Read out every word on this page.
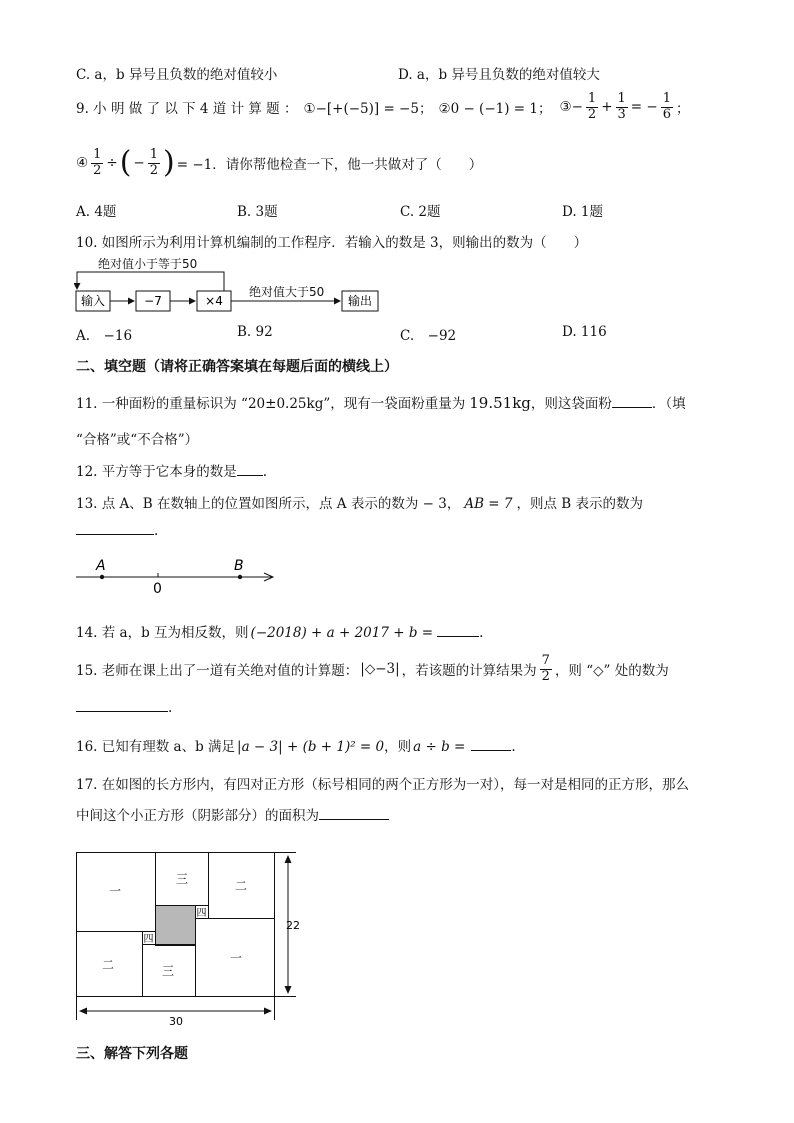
C. a，b 异号且负数的绝对值较小	D. a，b 异号且负数的绝对值较大
9. 小 明 做 了 以 下 4 道 计 算 题 ： ①−[+(−5)] = −5； ②0 − (−1) = 1； ③− $\frac{1}{2} + \frac{1}{3}$ = − $\frac{1}{6}$ ；
④ $\frac{1}{2}$ ÷ ( − $\frac{1}{2}$ ) = −1．请你帮他检查一下，他一共做对了（　　）
A. 4题	B. 3题	C. 2题	D. 1题
10. 如图所示为利用计算机编制的工作程序．若输入的数是 3，则输出的数为（　　）
绝对值小于等于50
输入	−7	×4
绝对值大于50
输出
A.　−16	B. 92	C.　−92	D. 116
二、填空题（请将正确答案填在每题后面的横线上）
11. 一种面粉的重量标识为 “20±0.25kg”，现有一袋面粉重量为 19.51kg，则这袋面粉	．（填
“合格”或“不合格”）
12. 平方等于它本身的数是 .
13. 点 A、B 在数轴上的位置如图所示，点 A 表示的数为 − 3， AB = 7 ，则点 B 表示的数为
.
A	B
0
14. 若 a，b 互为相反数，则 (−2018) + a + 2017 + b =	.
15. 老师在课上出了一道有关绝对值的计算题： |◇−3| ，若该题的计算结果为 $\frac{7}{2}$ ，则 “◇” 处的数为
.
16. 已知有理数 a、b 满足 |a − 3| + (b + 1)² = 0，则 a ÷ b =	.
17. 在如图的长方形内，有四对正方形（标号相同的两个正方形为一对），每一对是相同的正方形，那么
中间这个小正方形（阴影部分）的面积为
一
三	二
四
四
二	三
一
22
30
三、解答下列各题
